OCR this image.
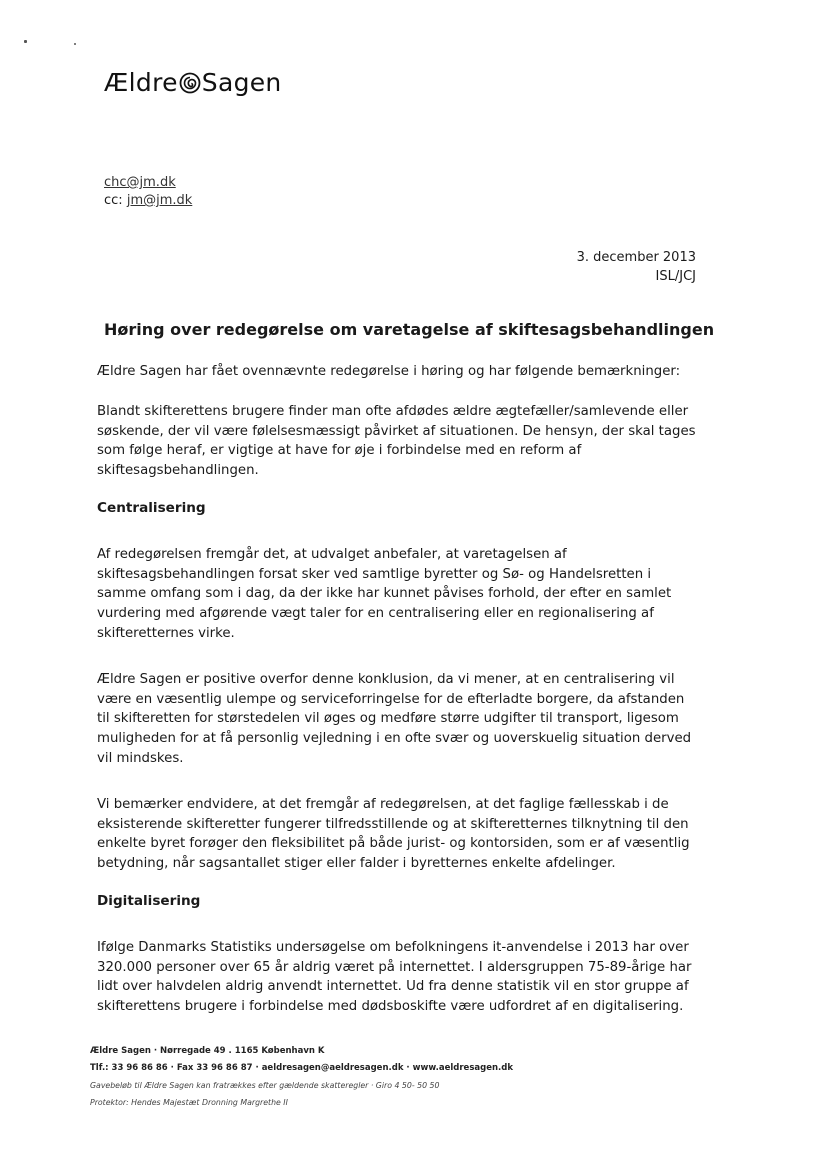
Ældre Sagen
chc@jm.dk
cc: jm@jm.dk
3. december 2013
ISL/JCJ
Høring over redegørelse om varetagelse af skiftesagsbehandlingen

Ældre Sagen har fået ovennævnte redegørelse i høring og har følgende bemærkninger:

Blandt skifterettens brugere finder man ofte afdødes ældre ægtefæller/samlevende eller søskende, der vil være følelsesmæssigt påvirket af situationen. De hensyn, der skal tages som følge heraf, er vigtige at have for øje i forbindelse med en reform af skiftesagsbehandlingen.

Centralisering

Af redegørelsen fremgår det, at udvalget anbefaler, at varetagelsen af skiftesagsbehandlingen forsat sker ved samtlige byretter og Sø- og Handelsretten i samme omfang som i dag, da der ikke har kunnet påvises forhold, der efter en samlet vurdering med afgørende vægt taler for en centralisering eller en regionalisering af skifteretternes virke.

Ældre Sagen er positive overfor denne konklusion, da vi mener, at en centralisering vil være en væsentlig ulempe og serviceforringelse for de efterladte borgere, da afstanden til skifteretten for størstedelen vil øges og medføre større udgifter til transport, ligesom muligheden for at få personlig vejledning i en ofte svær og uoverskuelig situation derved vil mindskes.

Vi bemærker endvidere, at det fremgår af redegørelsen, at det faglige fællesskab i de eksisterende skifteretter fungerer tilfredsstillende og at skifteretternes tilknytning til den enkelte byret forøger den fleksibilitet på både jurist- og kontorsiden, som er af væsentlig betydning, når sagsantallet stiger eller falder i byretternes enkelte afdelinger.

Digitalisering

Ifølge Danmarks Statistiks undersøgelse om befolkningens it-anvendelse i 2013 har over 320.000 personer over 65 år aldrig været på internettet. I aldersgruppen 75-89-årige har lidt over halvdelen aldrig anvendt internettet. Ud fra denne statistik vil en stor gruppe af skifterettens brugere i forbindelse med dødsboskifte være udfordret af en digitalisering.

Ældre Sagen · Nørregade 49 . 1165 København K
Tlf.: 33 96 86 86 · Fax 33 96 86 87 · aeldresagen@aeldresagen.dk · www.aeldresagen.dk
Gavebeløb til Ældre Sagen kan fratrækkes efter gældende skatteregler · Giro 4 50- 50 50
Protektor: Hendes Majestæt Dronning Margrethe II
